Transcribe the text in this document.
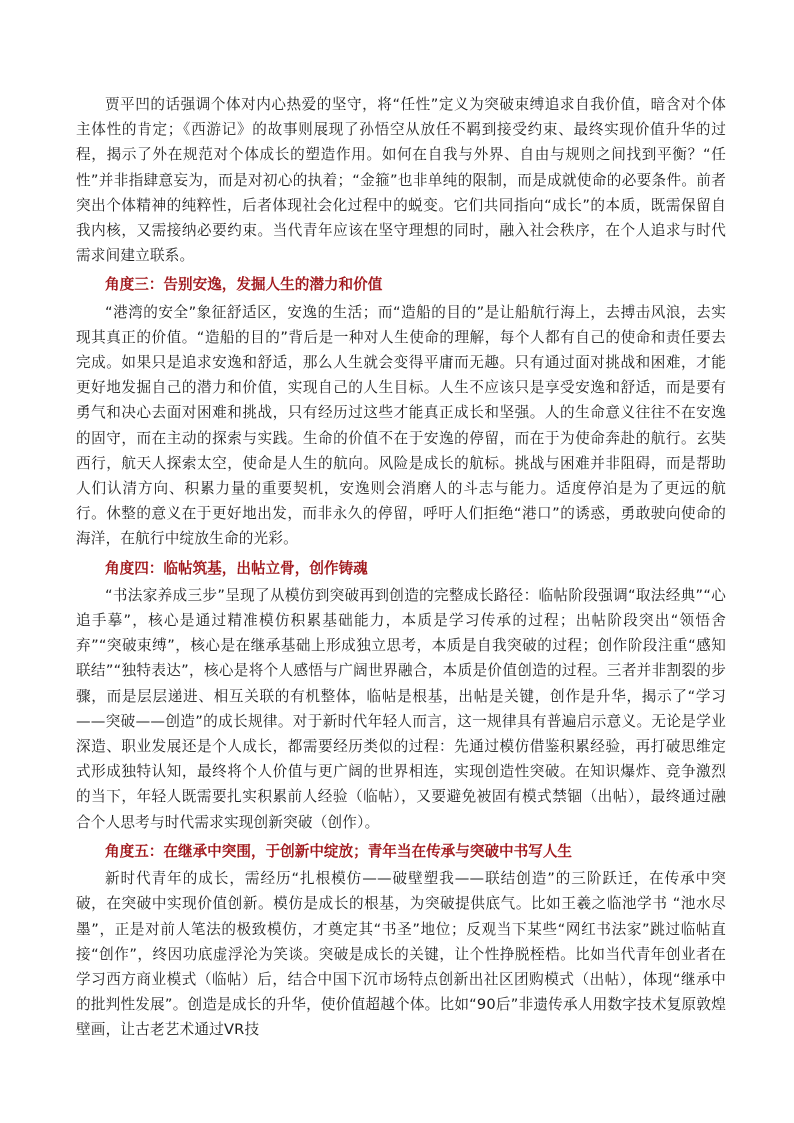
贾平凹的话强调个体对内心热爱的坚守，将“任性”定义为突破束缚追求自我价值，暗含对个体主体性的肯定；《西游记》的故事则展现了孙悟空从放任不羁到接受约束、最终实现价值升华的过程，揭示了外在规范对个体成长的塑造作用。如何在自我与外界、自由与规则之间找到平衡？“任性”并非指肆意妄为，而是对初心的执着；“金箍”也非单纯的限制，而是成就使命的必要条件。前者突出个体精神的纯粹性，后者体现社会化过程中的蜕变。它们共同指向“成长”的本质，既需保留自我内核，又需接纳必要约束。当代青年应该在坚守理想的同时，融入社会秩序，在个人追求与时代需求间建立联系。

角度三：告别安逸，发掘人生的潜力和价值

“港湾的安全”象征舒适区，安逸的生活；而“造船的目的”是让船航行海上，去搏击风浪，去实现其真正的价值。“造船的目的”背后是一种对人生使命的理解，每个人都有自己的使命和责任要去完成。如果只是追求安逸和舒适，那么人生就会变得平庸而无趣。只有通过面对挑战和困难，才能更好地发掘自己的潜力和价值，实现自己的人生目标。人生不应该只是享受安逸和舒适，而是要有勇气和决心去面对困难和挑战，只有经历过这些才能真正成长和坚强。人的生命意义往往不在安逸的固守，而在主动的探索与实践。生命的价值不在于安逸的停留，而在于为使命奔赴的航行。玄奘西行，航天人探索太空，使命是人生的航向。风险是成长的航标。挑战与困难并非阻碍，而是帮助人们认清方向、积累力量的重要契机，安逸则会消磨人的斗志与能力。适度停泊是为了更远的航行。休整的意义在于更好地出发，而非永久的停留，呼吁人们拒绝“港口”的诱惑，勇敢驶向使命的海洋，在航行中绽放生命的光彩。

角度四：临帖筑基，出帖立骨，创作铸魂

“书法家养成三步”呈现了从模仿到突破再到创造的完整成长路径：临帖阶段强调“取法经典”“心追手摹”，核心是通过精准模仿积累基础能力，本质是学习传承的过程；出帖阶段突出“领悟舍弃”“突破束缚”，核心是在继承基础上形成独立思考，本质是自我突破的过程；创作阶段注重“感知联结”“独特表达”，核心是将个人感悟与广阔世界融合，本质是价值创造的过程。三者并非割裂的步骤，而是层层递进、相互关联的有机整体，临帖是根基，出帖是关键，创作是升华，揭示了“学习——突破——创造”的成长规律。对于新时代年轻人而言，这一规律具有普遍启示意义。无论是学业深造、职业发展还是个人成长，都需要经历类似的过程：先通过模仿借鉴积累经验，再打破思维定式形成独特认知，最终将个人价值与更广阔的世界相连，实现创造性突破。在知识爆炸、竞争激烈的当下，年轻人既需要扎实积累前人经验（临帖），又要避免被固有模式禁锢（出帖），最终通过融合个人思考与时代需求实现创新突破（创作）。

角度五：在继承中突围，于创新中绽放；青年当在传承与突破中书写人生

新时代青年的成长，需经历“扎根模仿——破壁塑我——联结创造”的三阶跃迁，在传承中突破，在突破中实现价值创新。模仿是成长的根基，为突破提供底气。比如王羲之临池学书 “池水尽墨”，正是对前人笔法的极致模仿，才奠定其“书圣”地位；反观当下某些“网红书法家”跳过临帖直接“创作”，终因功底虚浮沦为笑谈。突破是成长的关键，让个性挣脱桎梏。比如当代青年创业者在学习西方商业模式（临帖）后，结合中国下沉市场特点创新出社区团购模式（出帖），体现“继承中的批判性发展”。创造是成长的升华，使价值超越个体。比如“90后”非遗传承人用数字技术复原敦煌壁画，让古老艺术通过VR技
